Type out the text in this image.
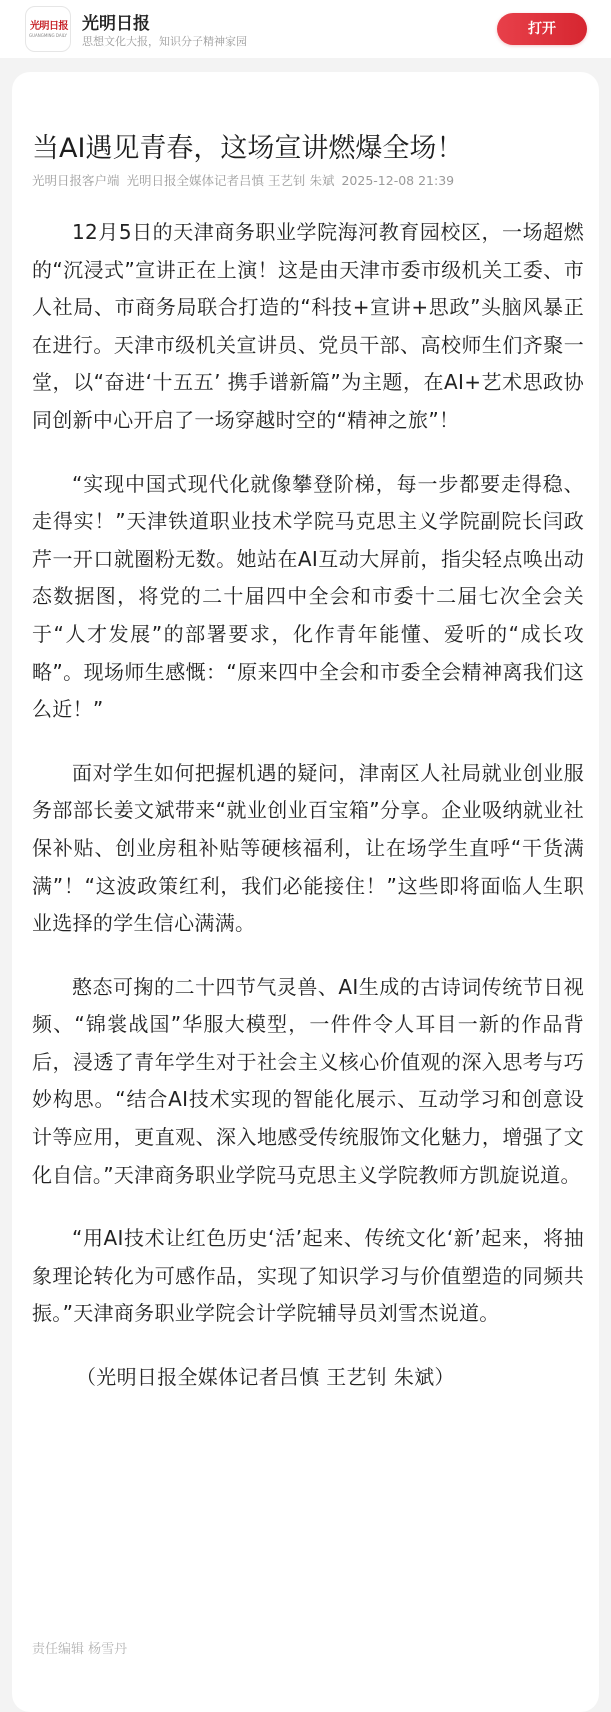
光明日报
GUANGMING DAILY
光明日报
思想文化大报，知识分子精神家园
打开
当AI遇见青春，这场宣讲燃爆全场！
光明日报客户端 光明日报全媒体记者吕慎 王艺钊 朱斌 2025-12-08 21:39

12月5日的天津商务职业学院海河教育园校区，一场超燃的“沉浸式”宣讲正在上演！这是由天津市委市级机关工委、市人社局、市商务局联合打造的“科技+宣讲+思政”头脑风暴正在进行。天津市级机关宣讲员、党员干部、高校师生们齐聚一堂，以“奋进‘十五五’ 携手谱新篇”为主题，在AI+艺术思政协同创新中心开启了一场穿越时空的“精神之旅”！

“实现中国式现代化就像攀登阶梯，每一步都要走得稳、走得实！”天津铁道职业技术学院马克思主义学院副院长闫政芹一开口就圈粉无数。她站在AI互动大屏前，指尖轻点唤出动态数据图，将党的二十届四中全会和市委十二届七次全会关于“人才发展”的部署要求，化作青年能懂、爱听的“成长攻略”。现场师生感慨：“原来四中全会和市委全会精神离我们这么近！”

面对学生如何把握机遇的疑问，津南区人社局就业创业服务部部长姜文斌带来“就业创业百宝箱”分享。企业吸纳就业社保补贴、创业房租补贴等硬核福利，让在场学生直呼“干货满满”！“这波政策红利，我们必能接住！”这些即将面临人生职业选择的学生信心满满。

憨态可掬的二十四节气灵兽、AI生成的古诗词传统节日视频、“锦裳战国”华服大模型，一件件令人耳目一新的作品背后，浸透了青年学生对于社会主义核心价值观的深入思考与巧妙构思。“结合AI技术实现的智能化展示、互动学习和创意设计等应用，更直观、深入地感受传统服饰文化魅力，增强了文化自信。”天津商务职业学院马克思主义学院教师方凯旋说道。

“用AI技术让红色历史‘活’起来、传统文化‘新’起来，将抽象理论转化为可感作品，实现了知识学习与价值塑造的同频共振。”天津商务职业学院会计学院辅导员刘雪杰说道。

（光明日报全媒体记者吕慎 王艺钊 朱斌）

责任编辑 杨雪丹
